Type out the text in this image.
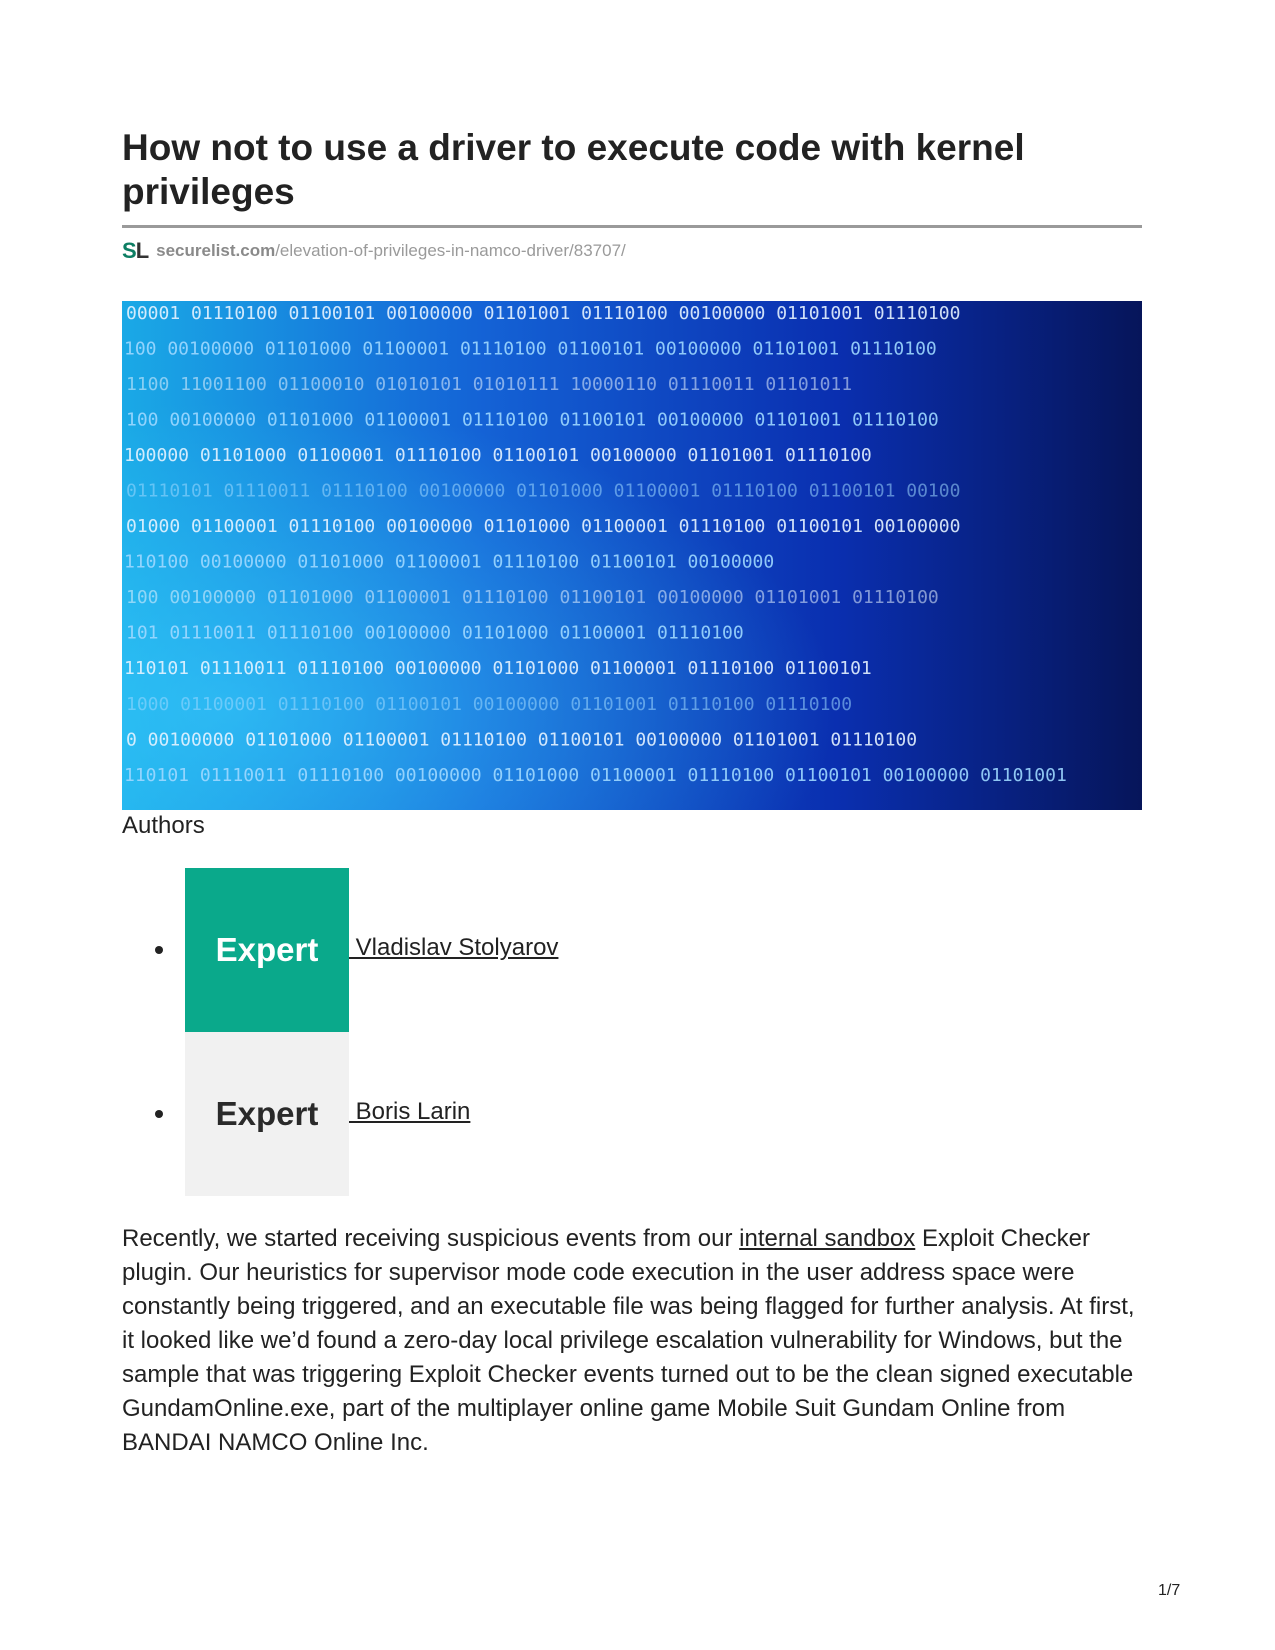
How not to use a driver to execute code with kernel privileges
SL securelist.com /elevation-of-privileges-in-namco-driver/83707/
00001 01110100 01100101 00100000 01101001 01110100 00100000 01101001 01110100
100 00100000 01101000 01100001 01110100 01100101 00100000 01101001 01110100
1100 11001100 01100010 01010101 01010111 10000110 01110011 01101011
100 00100000 01101000 01100001 01110100 01100101 00100000 01101001 01110100
100000 01101000 01100001 01110100 01100101 00100000 01101001 01110100
01110101 01110011 01110100 00100000 01101000 01100001 01110100 01100101 00100
01000 01100001 01110100 00100000 01101000 01100001 01110100 01100101 00100000
110100 00100000 01101000 01100001 01110100 01100101 00100000
100 00100000 01101000 01100001 01110100 01100101 00100000 01101001 01110100
101 01110011 01110100 00100000 01101000 01100001 01110100
110101 01110011 01110100 00100000 01101000 01100001 01110100 01100101
1000 01100001 01110100 01100101 00100000 01101001 01110100 01110100
0 00100000 01101000 01100001 01110100 01100101 00100000 01101001 01110100
110101 01110011 01110100 00100000 01101000 01100001 01110100 01100101 00100000 01101001
Authors
Expert	Vladislav Stolyarov
Expert	Boris Larin

Recently, we started receiving suspicious events from our internal sandbox Exploit Checker plugin. Our heuristics for supervisor mode code execution in the user address space were constantly being triggered, and an executable file was being flagged for further analysis. At first, it looked like we’d found a zero-day local privilege escalation vulnerability for Windows, but the sample that was triggering Exploit Checker events turned out to be the clean signed executable GundamOnline.exe, part of the multiplayer online game Mobile Suit Gundam Online from BANDAI NAMCO Online Inc.

1/7
